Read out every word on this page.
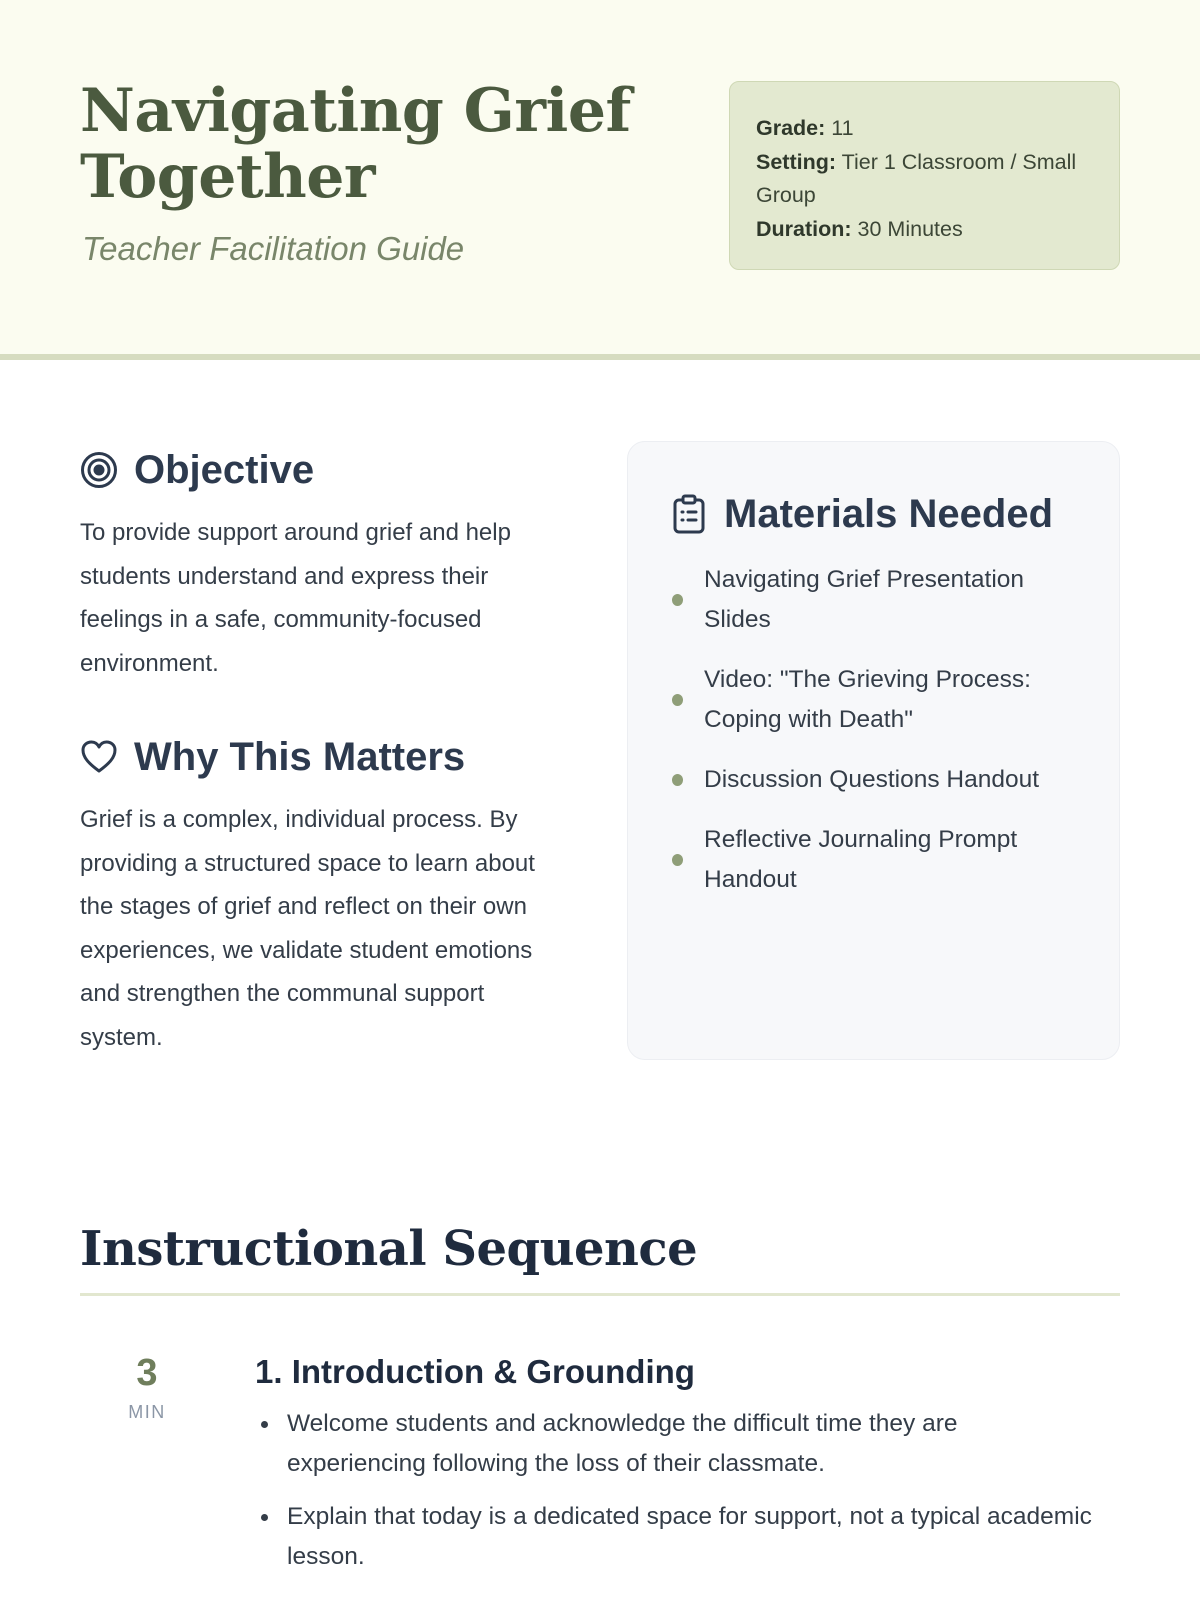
Navigating Grief Together
Teacher Facilitation Guide
Grade: 11
Setting: Tier 1 Classroom / Small Group
Duration: 30 Minutes
Objective

To provide support around grief and help students understand and express their feelings in a safe, community-focused environment.

Why This Matters

Grief is a complex, individual process. By providing a structured space to learn about the stages of grief and reflect on their own experiences, we validate student emotions and strengthen the communal support system.

Materials Needed
Navigating Grief Presentation Slides
Video: "The Grieving Process: Coping with Death"
Discussion Questions Handout
Reflective Journaling Prompt Handout
Instructional Sequence
3
MIN
1. Introduction & Grounding
Welcome students and acknowledge the difficult time they are experiencing following the loss of their classmate.
Explain that today is a dedicated space for support, not a typical academic lesson.
